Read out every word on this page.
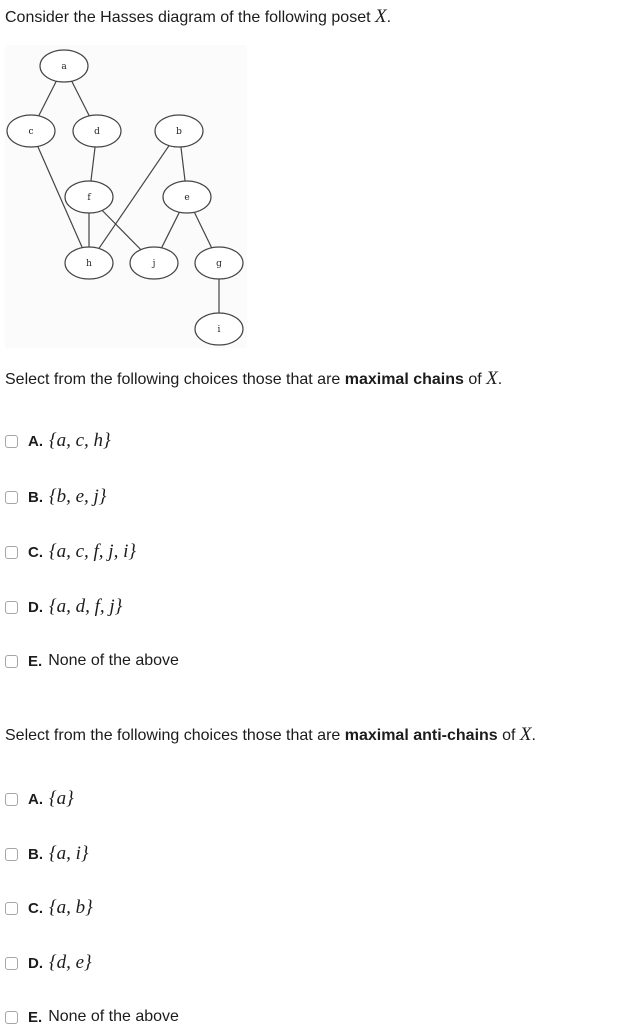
Consider the Hasses diagram of the following poset X.
a
c	d	b
f	e
h	j	g
i
Select from the following choices those that are maximal chains of X.
A. {a, c, h}
B. {b, e, j}
C. {a, c, f, j, i}
D. {a, d, f, j}
E. None of the above
Select from the following choices those that are maximal anti-chains of X.
A. {a}
B. {a, i}
C. {a, b}
D. {d, e}
E. None of the above
